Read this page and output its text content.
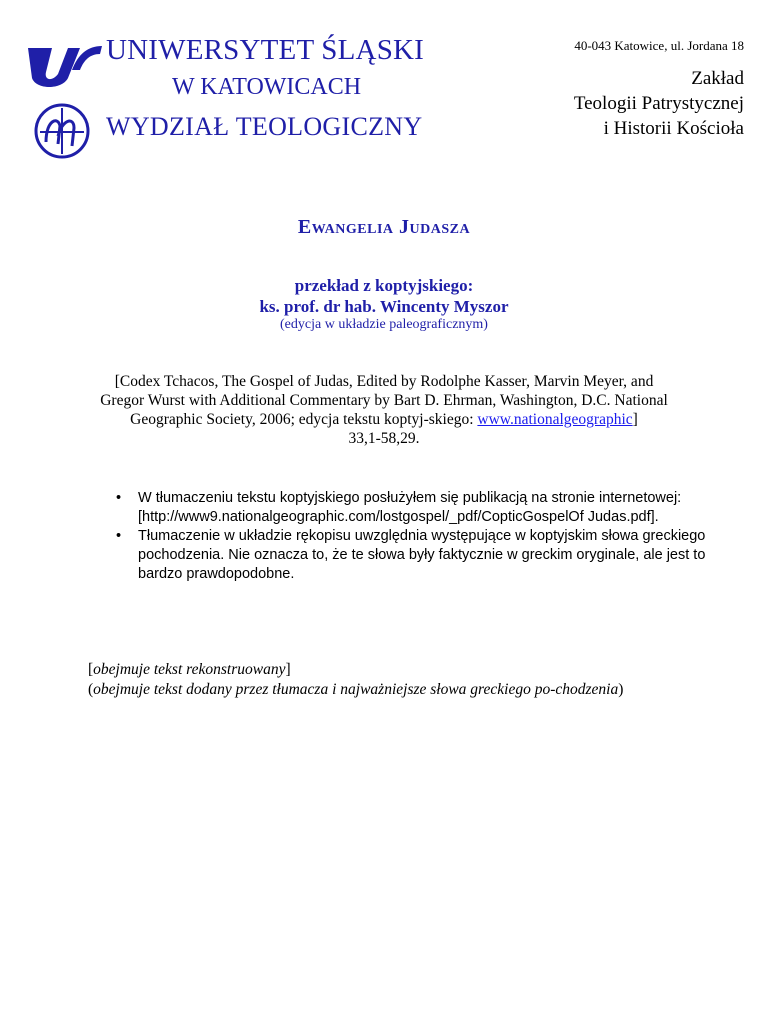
UNIWERSYTET ŚLĄSKI
W KATOWICACH
WYDZIAŁ TEOLOGICZNY
40-043 Katowice, ul. Jordana 18
Zakład
Teologii Patrystycznej
i Historii Kościoła
Ewangelia Judasza
przekład z koptyjskiego:
ks. prof. dr hab. Wincenty Myszor
(edycja w układzie paleograficznym)
[Codex Tchacos, The Gospel of Judas, Edited by Rodolphe Kasser, Marvin Meyer, and Gregor Wurst with Additional Commentary by Bart D. Ehrman, Washington, D.C. National Geographic Society, 2006; edycja tekstu koptyj-skiego: www.nationalgeographic]
33,1-58,29.
• W tłumaczeniu tekstu koptyjskiego posłużyłem się publikacją na stronie internetowej: [http://www9.nationalgeographic.com/lostgospel/_pdf/CopticGospelOf Judas.pdf].
• Tłumaczenie w układzie rękopisu uwzględnia występujące w koptyjskim słowa greckiego pochodzenia. Nie oznacza to, że te słowa były faktycznie w greckim oryginale, ale jest to bardzo prawdopodobne.
[obejmuje tekst rekonstruowany]
(obejmuje tekst dodany przez tłumacza i najważniejsze słowa greckiego po-chodzenia)
